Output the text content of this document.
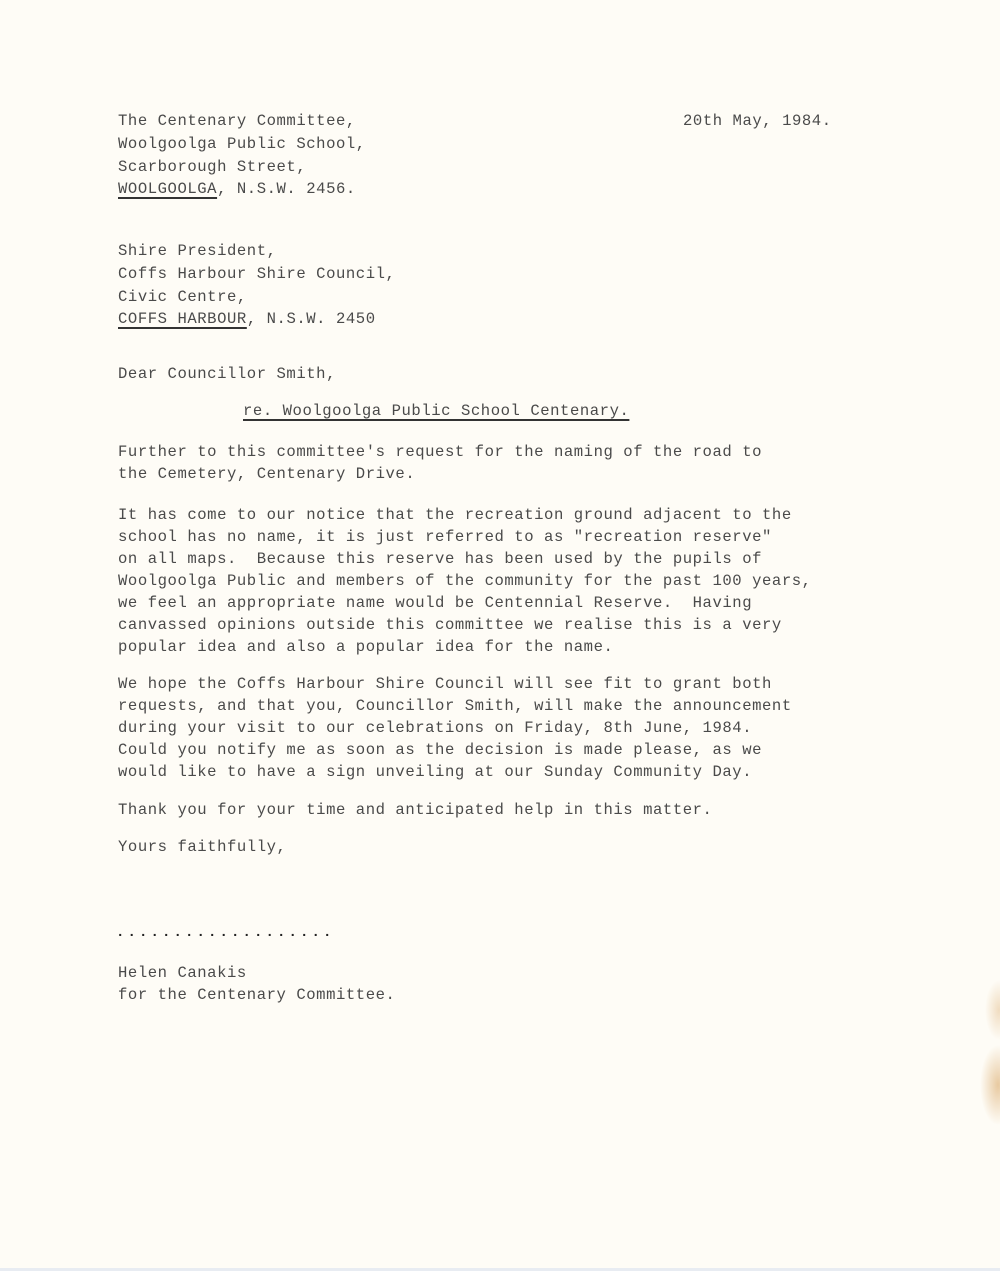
The Centenary Committee,
Woolgoolga Public School,
Scarborough Street,
WOOLGOOLGA, N.S.W. 2456.
20th May, 1984.
Shire President,
Coffs Harbour Shire Council,
Civic Centre,
COFFS HARBOUR, N.S.W. 2450
Dear Councillor Smith,
re. Woolgoolga Public School Centenary.
Further to this committee's request for the naming of the road to
the Cemetery, Centenary Drive.
It has come to our notice that the recreation ground adjacent to the
school has no name, it is just referred to as "recreation reserve"
on all maps.  Because this reserve has been used by the pupils of
Woolgoolga Public and members of the community for the past 100 years,
we feel an appropriate name would be Centennial Reserve.  Having
canvassed opinions outside this committee we realise this is a very
popular idea and also a popular idea for the name.
We hope the Coffs Harbour Shire Council will see fit to grant both
requests, and that you, Councillor Smith, will make the announcement
during your visit to our celebrations on Friday, 8th June, 1984.
Could you notify me as soon as the decision is made please, as we
would like to have a sign unveiling at our Sunday Community Day.
Thank you for your time and anticipated help in this matter.
Yours faithfully,
...................
Helen Canakis
for the Centenary Committee.
